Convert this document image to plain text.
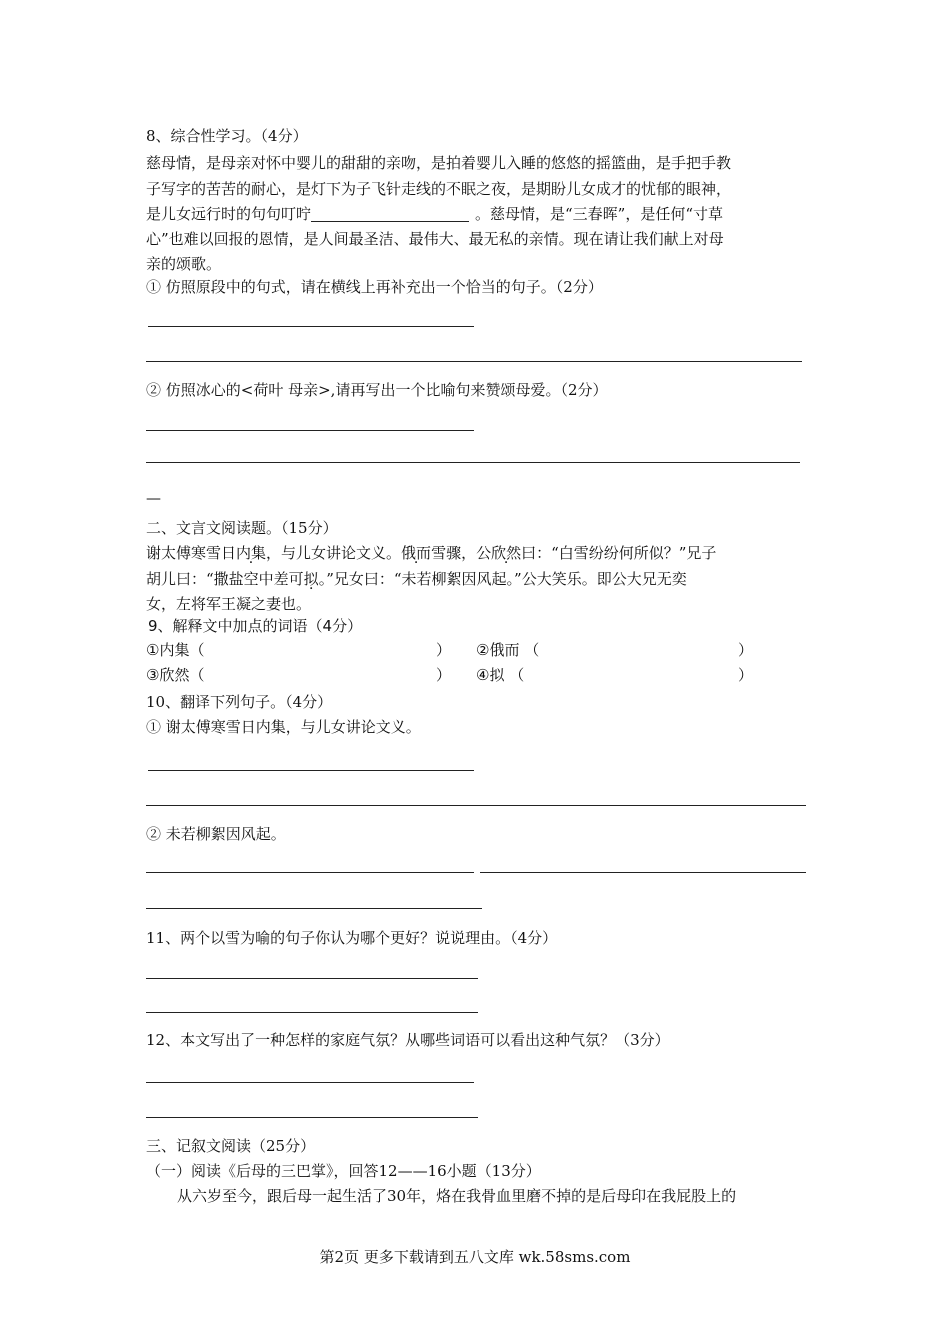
8、综合性学习。（4分）
慈母情，是母亲对怀中婴儿的甜甜的亲吻，是拍着婴儿入睡的悠悠的摇篮曲，是手把手教
子写字的苦苦的耐心，是灯下为子飞针走线的不眠之夜，是期盼儿女成才的忧郁的眼神，
是儿女远行时的句句叮咛	。慈母情，是“三春晖”，是任何“寸草
心”也难以回报的恩情，是人间最圣洁、最伟大、最无私的亲情。现在请让我们献上对母
亲的颂歌。
① 仿照原段中的句式，请在横线上再补充出一个恰当的句子。（2分）
② 仿照冰心的<荷叶 母亲>,请再写出一个比喻句来赞颂母爱。（2分）
—
二、文言文阅读题。（15分）
谢太傅寒雪日内集，与儿女讲论文义。俄而雪骤，公欣然曰：“白雪纷纷何所似？”兄子
胡儿曰：“撒盐空中差可拟。”兄女曰：“未若柳絮因风起。”公大笑乐。即公大兄无奕
女，左将军王凝之妻也。
9、解释文中加点的词语（4分）
①内集（	） ②俄而 （	）
③欣然（	） ④拟 （	）
10、翻译下列句子。（4分）
① 谢太傅寒雪日内集，与儿女讲论文义。
② 未若柳絮因风起。
11、两个以雪为喻的句子你认为哪个更好？说说理由。（4分）
12、本文写出了一种怎样的家庭气氛？从哪些词语可以看出这种气氛？（3分）
三、记叙文阅读（25分）
（一）阅读《后母的三巴掌》，回答12——16小题（13分）
从六岁至今，跟后母一起生活了30年，烙在我骨血里磨不掉的是后母印在我屁股上的
第2页 更多下载请到五八文库 wk.58sms.com
